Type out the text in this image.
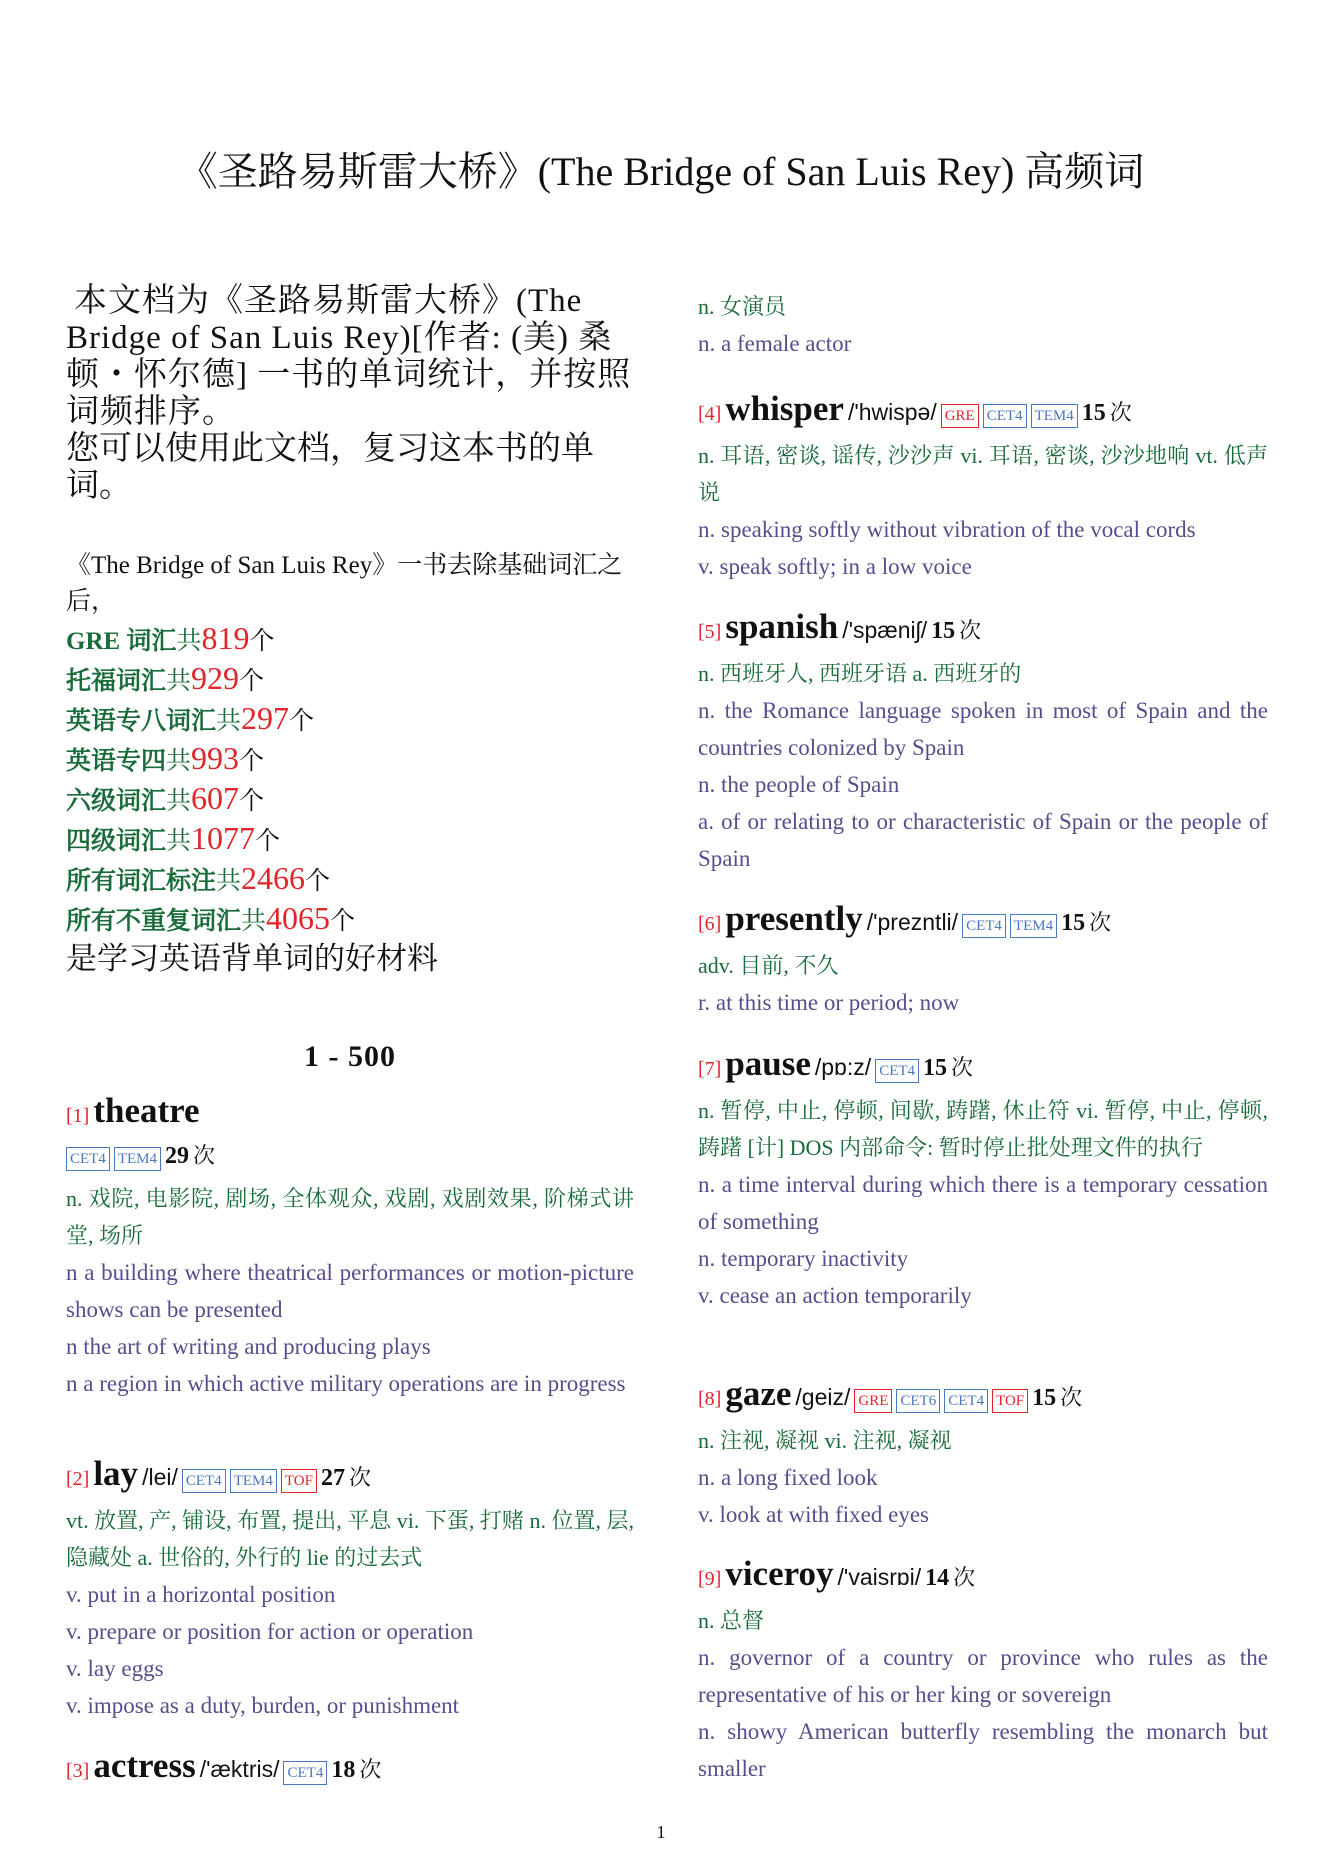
《圣路易斯雷大桥》(The Bridge of San Luis Rey) 高频词

本文档为《圣路易斯雷大桥》(The Bridge of San Luis Rey)[作者: (美) 桑顿・怀尔德] 一书的单词统计，并按照词频排序。

您可以使用此文档，复习这本书的单词。

《The Bridge of San Luis Rey》一书去除基础词汇之后，
GRE 词汇共819个
托福词汇共929个
英语专八词汇共297个
英语专四共993个
六级词汇共607个
四级词汇共1077个
所有词汇标注共2466个
所有不重复词汇共4065个
是学习英语背单词的好材料
1 - 500
[1] theatre
CET4 TEM4 29 次

n. 戏院, 电影院, 剧场, 全体观众, 戏剧, 戏剧效果, 阶梯式讲堂, 场所

n a building where theatrical performances or motion-picture shows can be presented

n the art of writing and producing plays

n a region in which active military operations are in progress

[2] lay /lei/ CET4 TEM4 TOF 27 次

vt. 放置, 产, 铺设, 布置, 提出, 平息 vi. 下蛋, 打赌 n. 位置, 层, 隐藏处 a. 世俗的, 外行的 lie 的过去式

v. put in a horizontal position

v. prepare or position for action or operation

v. lay eggs

v. impose as a duty, burden, or punishment

[3] actress /'æktris/ CET4 18 次

n. 女演员

n. a female actor

[4] whisper /'hwispə/ GRE CET4 TEM4 15 次

n. 耳语, 密谈, 谣传, 沙沙声 vi. 耳语, 密谈, 沙沙地响 vt. 低声说

n. speaking softly without vibration of the vocal cords

v. speak softly; in a low voice

[5] spanish /'spæniʃ/ 15 次

n. 西班牙人, 西班牙语 a. 西班牙的

n. the Romance language spoken in most of Spain and the countries colonized by Spain

n. the people of Spain

a. of or relating to or characteristic of Spain or the people of Spain

[6] presently /'prezntli/ CET4 TEM4 15 次

adv. 目前, 不久

r. at this time or period; now

[7] pause /pɒ:z/ CET4 15 次

n. 暂停, 中止, 停顿, 间歇, 踌躇, 休止符 vi. 暂停, 中止, 停顿, 踌躇 [计] DOS 内部命令: 暂时停止批处理文件的执行

n. a time interval during which there is a temporary cessation of something

n. temporary inactivity

v. cease an action temporarily

[8] gaze /geiz/ GRE CET6 CET4 TOF 15 次

n. 注视, 凝视 vi. 注视, 凝视

n. a long fixed look

v. look at with fixed eyes

[9] viceroy /'vaisrɒi/ 14 次

n. 总督

n. governor of a country or province who rules as the representative of his or her king or sovereign

n. showy American butterfly resembling the monarch but smaller

1
